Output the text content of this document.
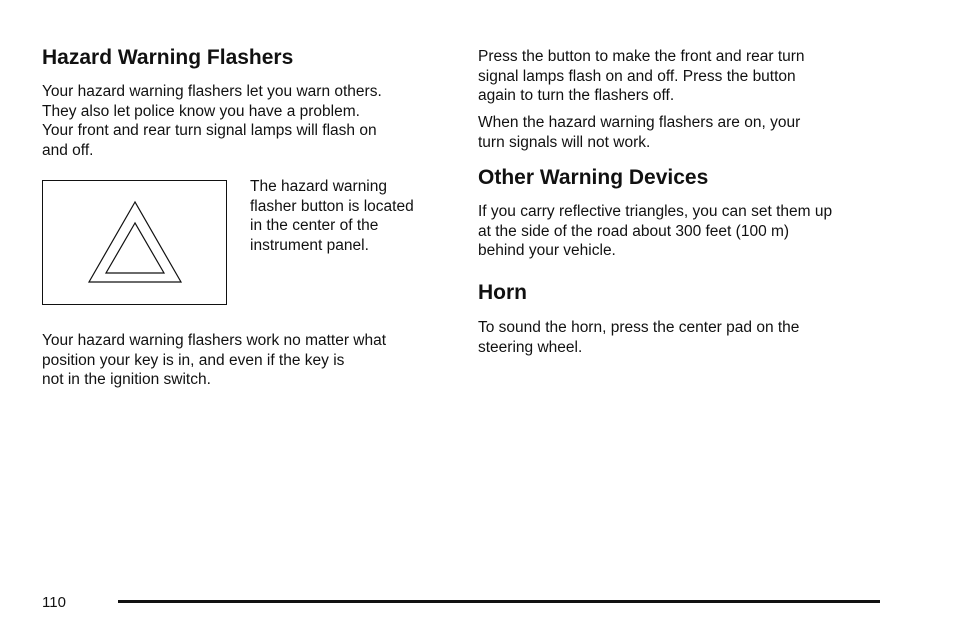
Hazard Warning Flashers

Your hazard warning flashers let you warn others.
They also let police know you have a problem.
Your front and rear turn signal lamps will flash on
and off.

The hazard warning
flasher button is located
in the center of the
instrument panel.

Your hazard warning flashers work no matter what
position your key is in, and even if the key is
not in the ignition switch.

Press the button to make the front and rear turn
signal lamps flash on and off. Press the button
again to turn the flashers off.

When the hazard warning flashers are on, your
turn signals will not work.

Other Warning Devices

If you carry reflective triangles, you can set them up
at the side of the road about 300 feet (100 m)
behind your vehicle.

Horn

To sound the horn, press the center pad on the
steering wheel.

110
